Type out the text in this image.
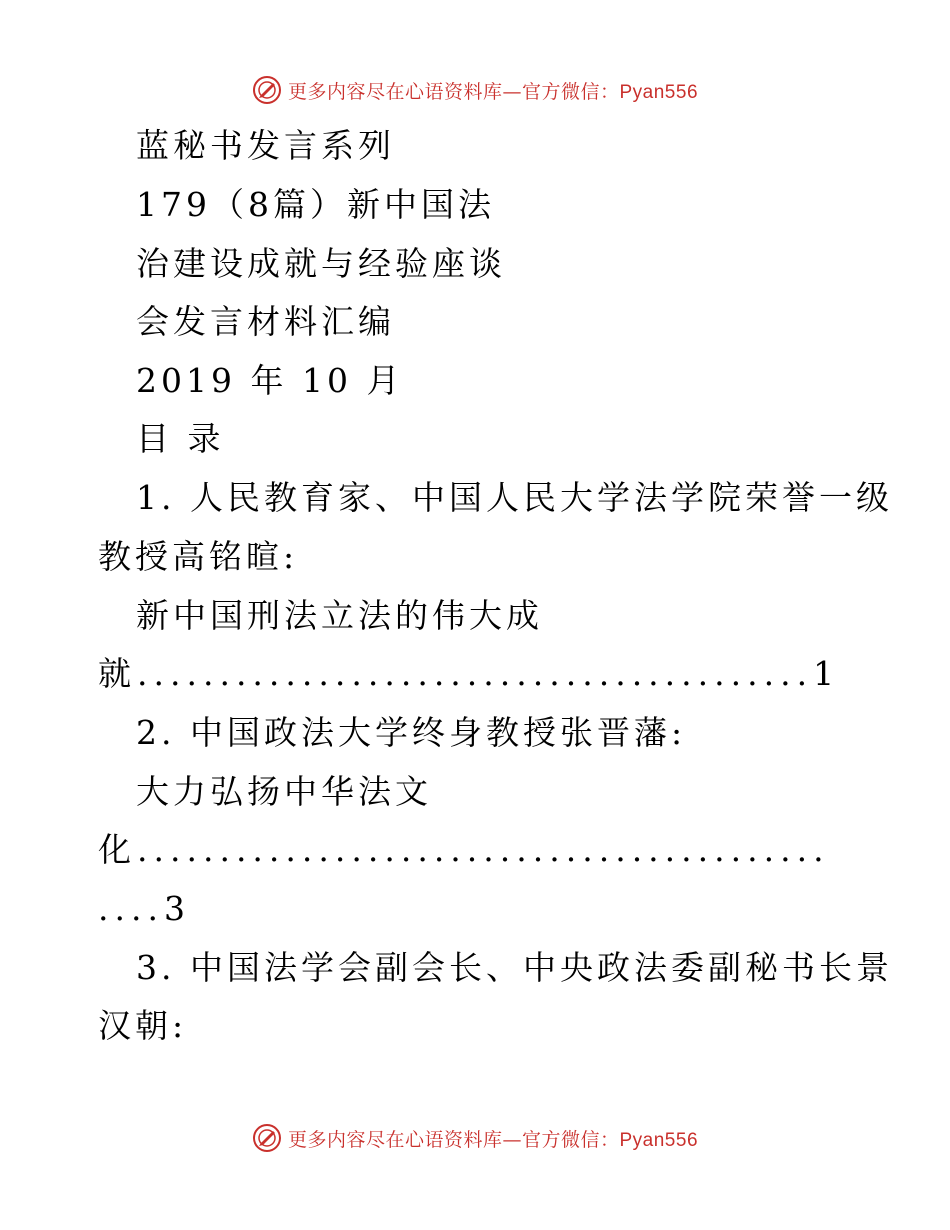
更多内容尽在心语资料库—官方微信：Pyan556
蓝秘书发言系列
179（8篇）新中国法
治建设成就与经验座谈
会发言材料汇编
2019 年 10 月
目 录
1. 人民教育家、中国人民大学法学院荣誉一级
教授高铭暄:
新中国刑法立法的伟大成
就.........................................1
2. 中国政法大学终身教授张晋藩:
大力弘扬中华法文
化..........................................
....3
3. 中国法学会副会长、中央政法委副秘书长景
汉朝:
更多内容尽在心语资料库—官方微信：Pyan556
